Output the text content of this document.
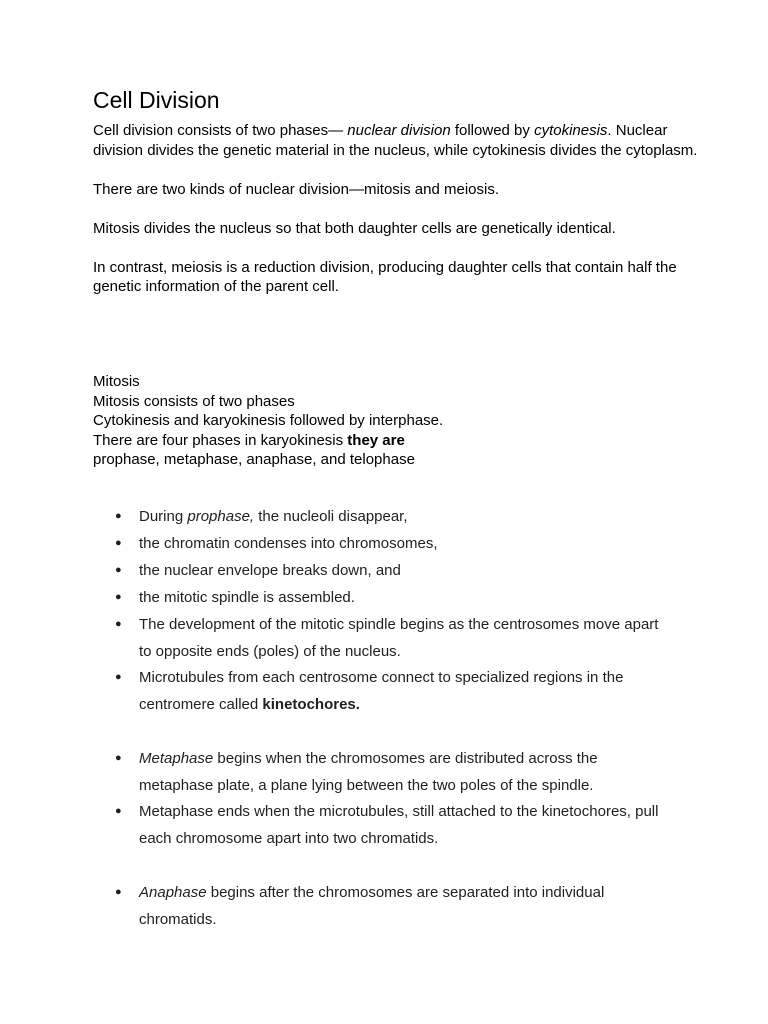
Cell Division

Cell division consists of two phases— nuclear division followed by cytokinesis. Nuclear division divides the genetic material in the nucleus, while cytokinesis divides the cytoplasm.

There are two kinds of nuclear division—mitosis and meiosis.

Mitosis divides the nucleus so that both daughter cells are genetically identical.

In contrast, meiosis is a reduction division, producing daughter cells that contain half the genetic information of the parent cell.

Mitosis

Mitosis consists of two phases

Cytokinesis and karyokinesis followed by interphase.

There are four phases in karyokinesis they are

prophase, metaphase, anaphase, and telophase

● During prophase, the nucleoli disappear,
● the chromatin condenses into chromosomes,
● the nuclear envelope breaks down, and
● the mitotic spindle is assembled.
● The development of the mitotic spindle begins as the centrosomes move apart to opposite ends (poles) of the nucleus.
● Microtubules from each centrosome connect to specialized regions in the centromere called kinetochores.
● Metaphase begins when the chromosomes are distributed across the metaphase plate, a plane lying between the two poles of the spindle.
● Metaphase ends when the microtubules, still attached to the kinetochores, pull each chromosome apart into two chromatids.
● Anaphase begins after the chromosomes are separated into individual chromatids.
